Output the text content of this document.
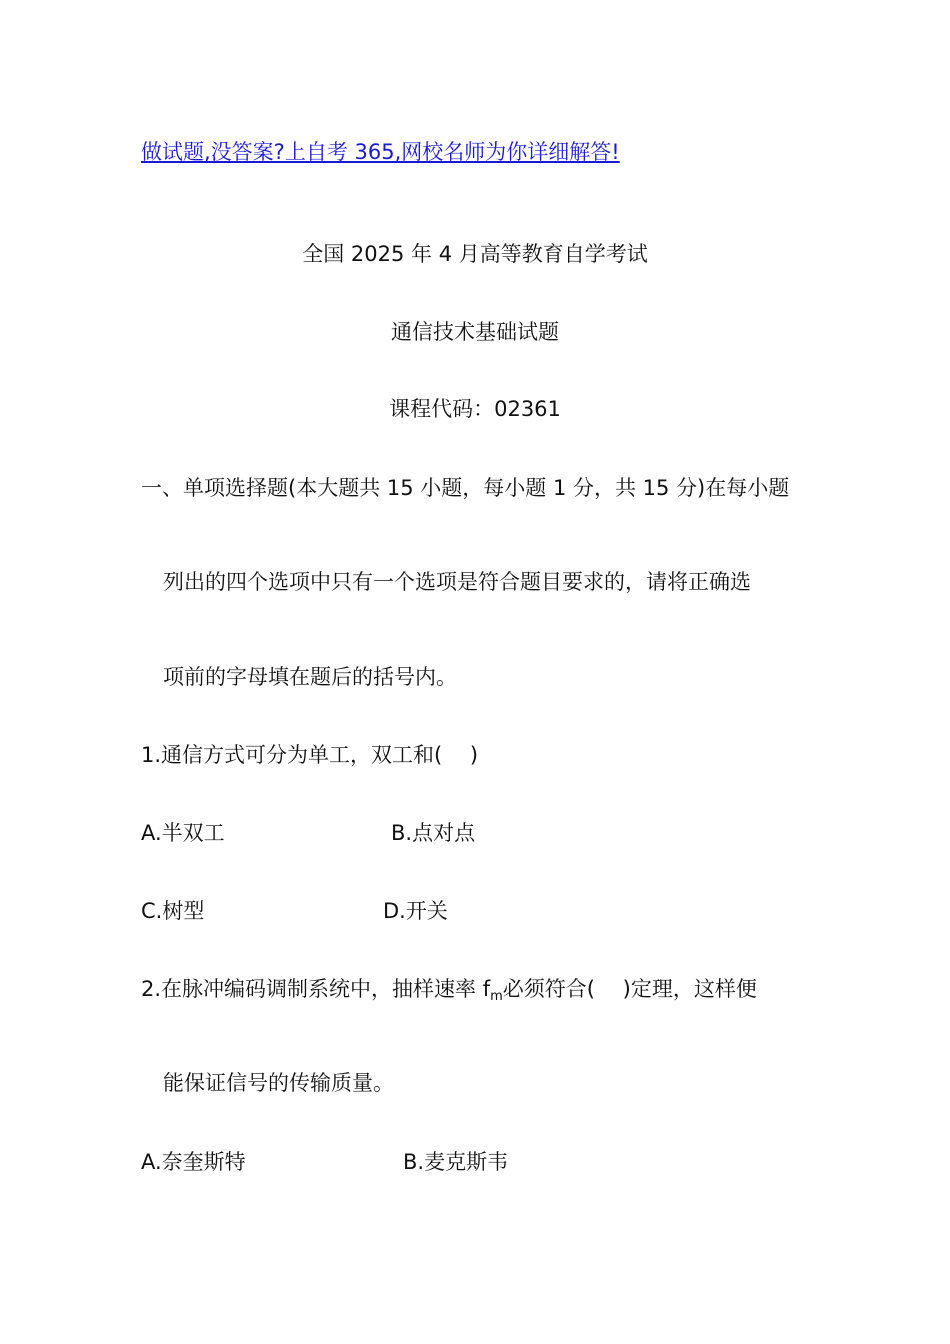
做试题,没答案?上自考 365,网校名师为你详细解答!
全国 2025 年 4 月高等教育自学考试
通信技术基础试题
课程代码：02361
一、单项选择题(本大题共 15 小题，每小题 1 分，共 15 分)在每小题
列出的四个选项中只有一个选项是符合题目要求的，请将正确选
项前的字母填在题后的括号内。
1.通信方式可分为单工，双工和(　 )
A.半双工	B.点对点
C.树型	D.开关
2.在脉冲编码调制系统中，抽样速率 $f_m$必须符合(　 )定理，这样便
能保证信号的传输质量。
A.奈奎斯特	B.麦克斯韦
